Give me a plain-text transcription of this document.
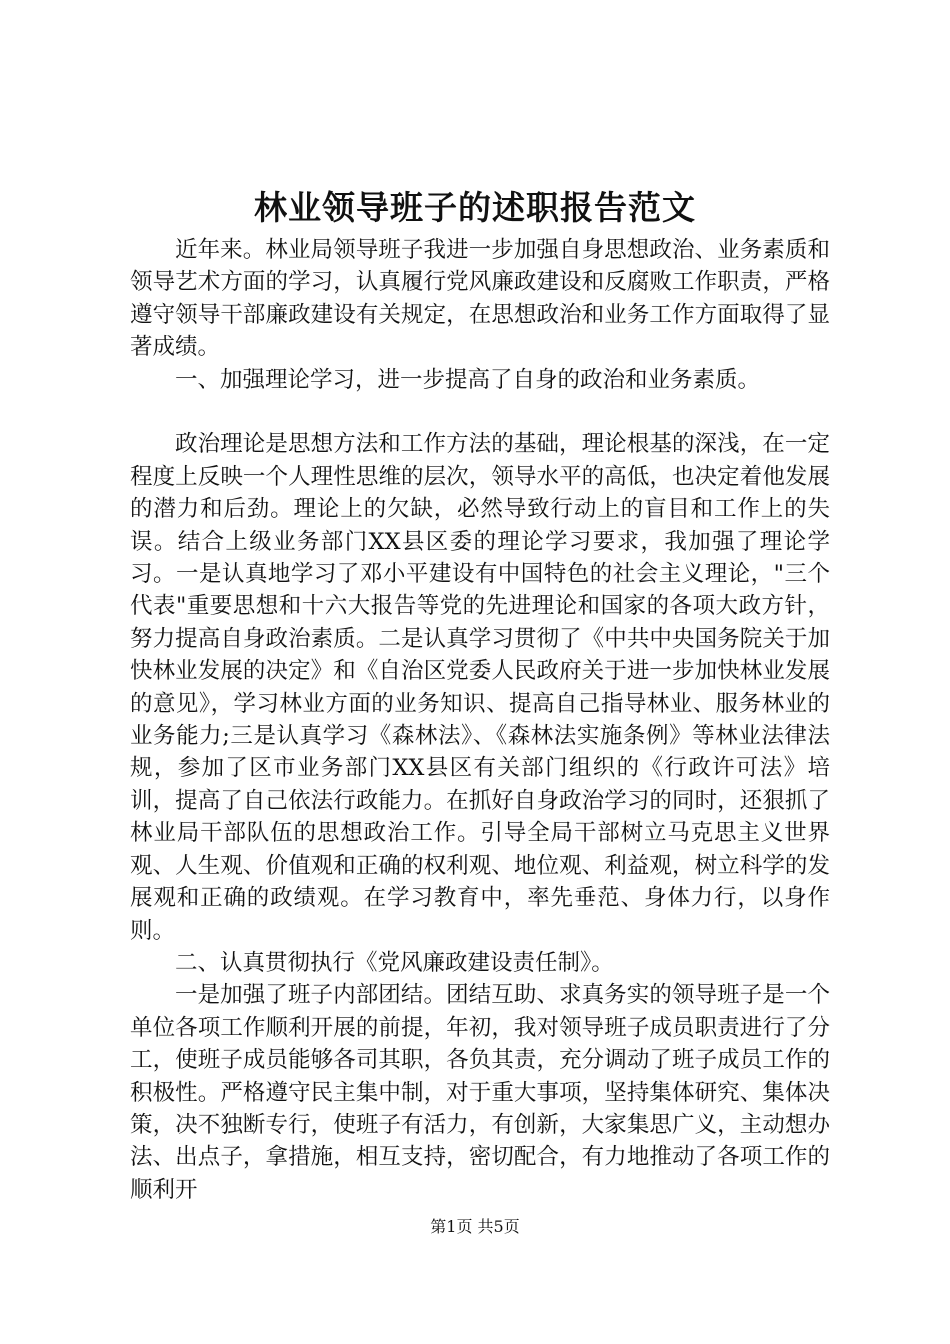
林业领导班子的述职报告范文

近年来。林业局领导班子我进一步加强自身思想政治、业务素质和领导艺术方面的学习，认真履行党风廉政建设和反腐败工作职责，严格遵守领导干部廉政建设有关规定，在思想政治和业务工作方面取得了显著成绩。

一、加强理论学习，进一步提高了自身的政治和业务素质。

政治理论是思想方法和工作方法的基础，理论根基的深浅，在一定程度上反映一个人理性思维的层次，领导水平的高低，也决定着他发展的潜力和后劲。理论上的欠缺，必然导致行动上的盲目和工作上的失误。结合上级业务部门XX县区委的理论学习要求，我加强了理论学习。一是认真地学习了邓小平建设有中国特色的社会主义理论，"三个代表"重要思想和十六大报告等党的先进理论和国家的各项大政方针，努力提高自身政治素质。二是认真学习贯彻了《中共中央国务院关于加快林业发展的决定》和《自治区党委人民政府关于进一步加快林业发展的意见》，学习林业方面的业务知识、提高自己指导林业、服务林业的业务能力;三是认真学习《森林法》、《森林法实施条例》等林业法律法规，参加了区市业务部门XX县区有关部门组织的《行政许可法》培训，提高了自己依法行政能力。在抓好自身政治学习的同时，还狠抓了林业局干部队伍的思想政治工作。引导全局干部树立马克思主义世界观、人生观、价值观和正确的权利观、地位观、利益观，树立科学的发展观和正确的政绩观。在学习教育中，率先垂范、身体力行，以身作则。

二、认真贯彻执行《党风廉政建设责任制》。

一是加强了班子内部团结。团结互助、求真务实的领导班子是一个单位各项工作顺利开展的前提，年初，我对领导班子成员职责进行了分工，使班子成员能够各司其职，各负其责，充分调动了班子成员工作的积极性。严格遵守民主集中制，对于重大事项，坚持集体研究、集体决策，决不独断专行，使班子有活力，有创新，大家集思广义，主动想办法、出点子，拿措施，相互支持，密切配合，有力地推动了各项工作的顺利开

第1页 共5页
